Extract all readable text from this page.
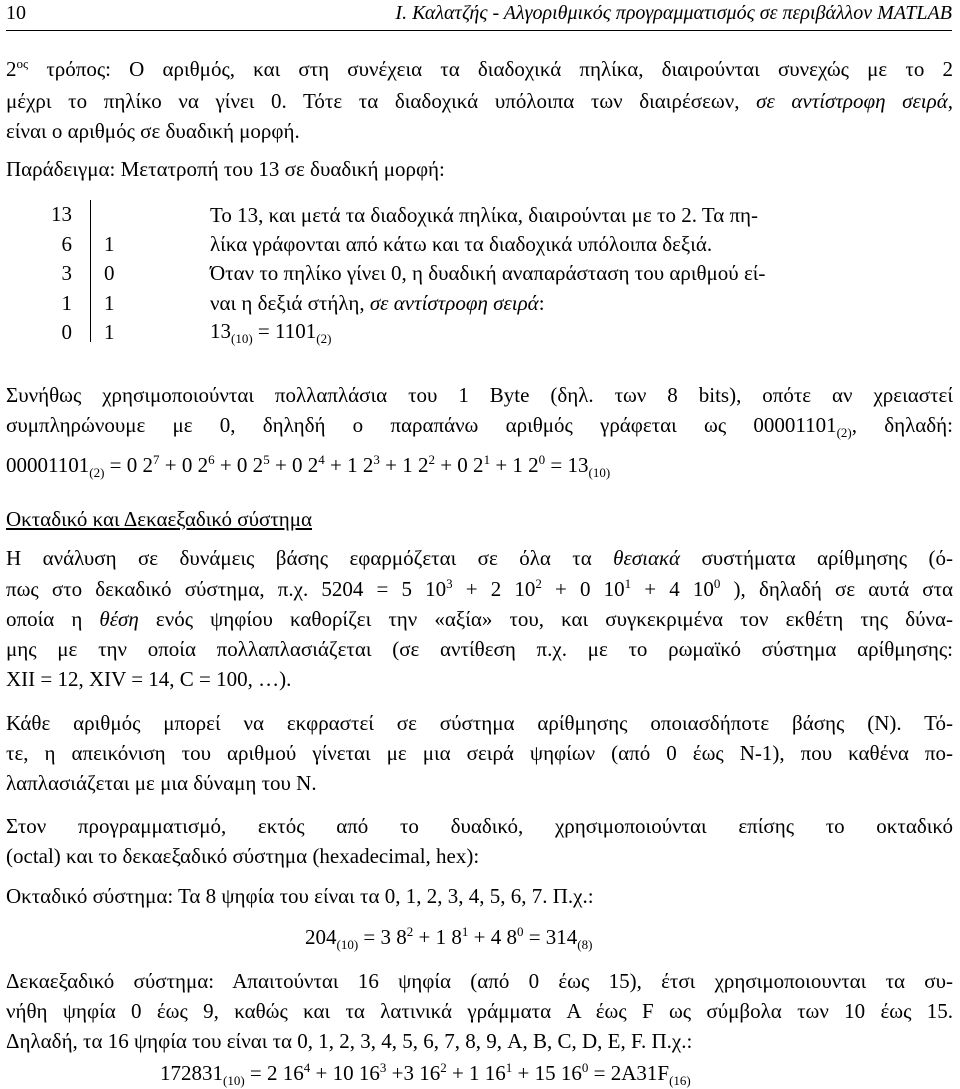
10	Ι. Καλατζής - Αλγοριθμικός προγραμματισμός σε περιβάλλον MATLAB
$2^{o\varsigma}$ τρόπος: Ο αριθμός, και στη συνέχεια τα διαδοχικά πηλίκα, διαιρούνται συνεχώς με το 2
μέχρι το πηλίκο να γίνει 0. Τότε τα διαδοχικά υπόλοιπα των διαιρέσεων, σε αντίστροφη σειρά,
είναι ο αριθμός σε δυαδική μορφή.
Παράδειγμα: Μετατροπή του 13 σε δυαδική μορφή:
13
6 1
3 0
1 1
0 1
Το 13, και μετά τα διαδοχικά πηλίκα, διαιρούνται με το 2. Τα πη-
λίκα γράφονται από κάτω και τα διαδοχικά υπόλοιπα δεξιά.
Όταν το πηλίκο γίνει 0, η δυαδική αναπαράσταση του αριθμού εί-
ναι η δεξιά στήλη, σε αντίστροφη σειρά:
$13_{(10)} = 1101_{(2)}$
Συνήθως χρησιμοποιούνται πολλαπλάσια του 1 Byte (δηλ. των 8 bits), οπότε αν χρειαστεί
συμπληρώνουμε με 0, δηληδή ο παραπάνω αριθμός γράφεται ως $00001101_{(2)}$, δηλαδή:
$00001101_{(2)} = 0$ $2^7 + 0$ $2^6 + 0$ $2^5 + 0$ $2^4 + 1$ $2^3 + 1$ $2^2 + 0$ $2^1 + 1$ $2^0 = 13_{(10)}$
Οκταδικό και Δεκαεξαδικό σύστημα
Η ανάλυση σε δυνάμεις βάσης εφαρμόζεται σε όλα τα θεσιακά συστήματα αρίθμησης (ό-
πως στο δεκαδικό σύστημα, π.χ. 5204 = 5 $10^3 + 2$ $10^2 + 0$ $10^1 + 4$ $10^0$ ), δηλαδή σε αυτά στα
οποία η θέση ενός ψηφίου καθορίζει την «αξία» του, και συγκεκριμένα τον εκθέτη της δύνα-
μης με την οποία πολλαπλασιάζεται (σε αντίθεση π.χ. με το ρωμαϊκό σύστημα αρίθμησης:
XII = 12, XIV = 14, C = 100, …).
Κάθε αριθμός μπορεί να εκφραστεί σε σύστημα αρίθμησης οποιασδήποτε βάσης (N). Τό-
τε, η απεικόνιση του αριθμού γίνεται με μια σειρά ψηφίων (από 0 έως N-1), που καθένα πο-
λαπλασιάζεται με μια δύναμη του N.
Στον προγραμματισμό, εκτός από το δυαδικό, χρησιμοποιούνται επίσης το οκταδικό
(octal) και το δεκαεξαδικό σύστημα (hexadecimal, hex):
Οκταδικό σύστημα: Τα 8 ψηφία του είναι τα 0, 1, 2, 3, 4, 5, 6, 7. Π.χ.:
$204_{(10)} = 3$ $8^2 + 1$ $8^1 + 4$ $8^0 = 314_{(8)}$
Δεκαεξαδικό σύστημα: Απαιτούνται 16 ψηφία (από 0 έως 15), έτσι χρησιμοποιουνται τα συ-
νήθη ψηφία 0 έως 9, καθώς και τα λατινικά γράμματα A έως F ως σύμβολα των 10 έως 15.
Δηλαδή, τα 16 ψηφία του είναι τα 0, 1, 2, 3, 4, 5, 6, 7, 8, 9, A, B, C, D, E, F. Π.χ.:
$172831_{(10)} = 2$ $16^4 + 10$ $16^3 +3$ $16^2 + 1$ $16^1 + 15$ $16^0 = 2A31F_{(16)}$
